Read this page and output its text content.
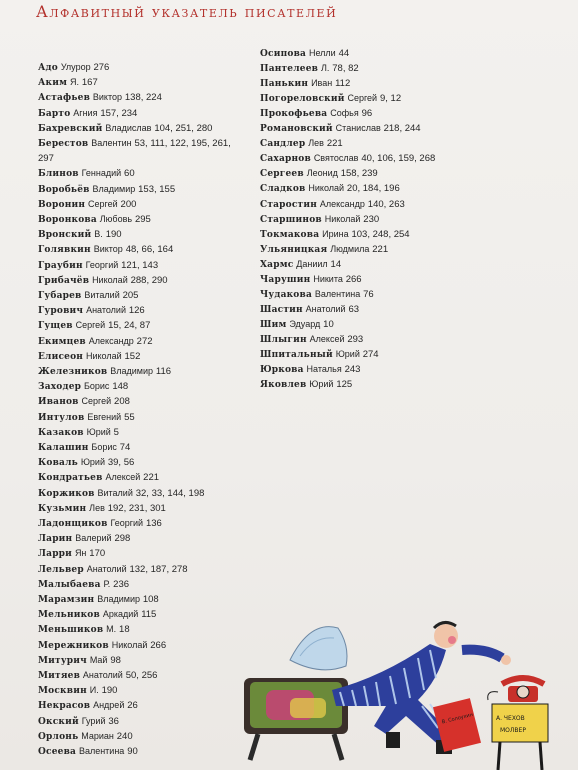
Алфавитный указатель писателей
Адо Улурор 276
Аким Я. 167
Астафьев Виктор 138, 224
Барто Агния 157, 234
Бахревский Владислав 104, 251, 280
Берестов Валентин 53, 111, 122, 195, 261,
297
Блинов Геннадий 60
Воробьёв Владимир 153, 155
Воронин Сергей 200
Воронкова Любовь 295
Вронский В. 190
Голявкин Виктор 48, 66, 164
Граубин Георгий 121, 143
Грибачёв Николай 288, 290
Губарев Виталий 205
Гурович Анатолий 126
Гущев Сергей 15, 24, 87
Екимцев Александр 272
Елисеон Николай 152
Железников Владимир 116
Заходер Борис 148
Иванов Сергей 208
Интулов Евгений 55
Казаков Юрий 5
Калашин Борис 74
Коваль Юрий 39, 56
Кондратьев Алексей 221
Коржиков Виталий 32, 33, 144, 198
Кузьмин Лев 192, 231, 301
Ладонщиков Георгий 136
Ларин Валерий 298
Ларри Ян 170
Лельвер Анатолий 132, 187, 278
Малыбаева Р. 236
Марамзин Владимир 108
Мельников Аркадий 115
Меньшиков М. 18
Мережников Николай 266
Митурич Май 98
Митяев Анатолий 50, 256
Москвин И. 190
Некрасов Андрей 26
Окский Гурий 36
Орлонь Мариан 240
Осеева Валентина 90
Осипова Нелли 44
Пантелеев Л. 78, 82
Панькин Иван 112
Погореловский Сергей 9, 12
Прокофьева Софья 96
Романовский Станислав 218, 244
Сандлер Лев 221
Сахарнов Святослав 40, 106, 159, 268
Сергеев Леонид 158, 239
Сладков Николай 20, 184, 196
Старостин Александр 140, 263
Старшинов Николай 230
Токмакова Ирина 103, 248, 254
Ульяницкая Людмила 221
Хармс Даниил 14
Чарушин Никита 266
Чудакова Валентина 76
Шастин Анатолий 63
Шим Эдуард 10
Шлыгин Алексей 293
Шпитальный Юрий 274
Юркова Наталья 243
Яковлев Юрий 125
В. Солоухин	А. ЧЕХОВ
МОЛВЕР
